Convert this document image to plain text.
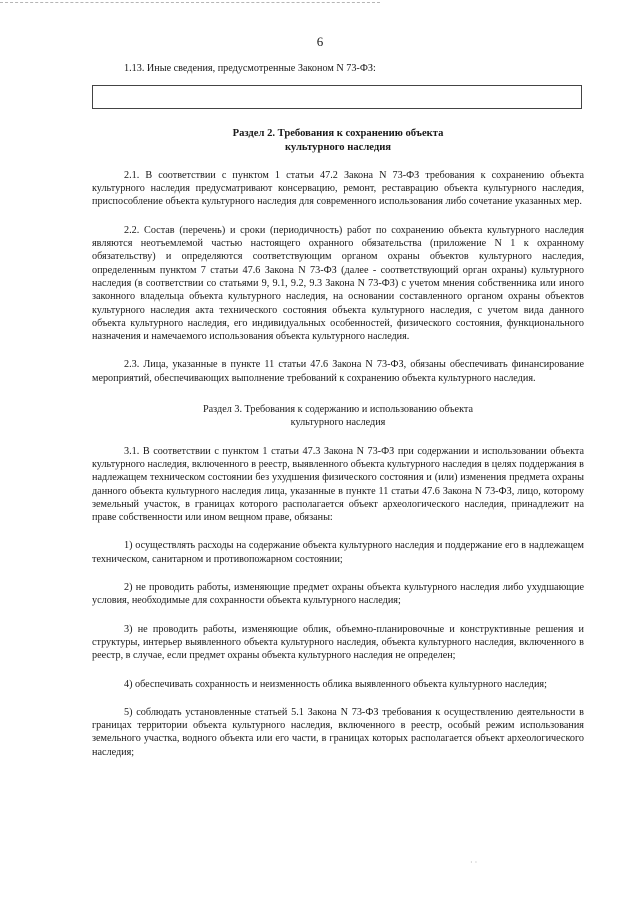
6

1.13. Иные сведения, предусмотренные Законом N 73-ФЗ:

Раздел 2. Требования к сохранению объекта
культурного наследия

2.1. В соответствии с пунктом 1 статьи 47.2 Закона N 73-ФЗ требования к сохранению объекта культурного наследия предусматривают консервацию, ремонт, реставрацию объекта культурного наследия, приспособление объекта культурного наследия для современного использования либо сочетание указанных мер.

2.2. Состав (перечень) и сроки (периодичность) работ по сохранению объекта культурного наследия являются неотъемлемой частью настоящего охранного обязательства (приложение N 1 к охранному обязательству) и определяются соответствующим органом охраны объектов культурного наследия, определенным пунктом 7 статьи 47.6 Закона N 73-ФЗ (далее - соответствующий орган охраны) культурного наследия (в соответствии со статьями 9, 9.1, 9.2, 9.3 Закона N 73-ФЗ) с учетом мнения собственника или иного законного владельца объекта культурного наследия, на основании составленного органом охраны объектов культурного наследия акта технического состояния объекта культурного наследия, с учетом вида данного объекта культурного наследия, его индивидуальных особенностей, физического состояния, функционального назначения и намечаемого использования объекта культурного наследия.

2.3. Лица, указанные в пункте 11 статьи 47.6 Закона N 73-ФЗ, обязаны обеспечивать финансирование мероприятий, обеспечивающих выполнение требований к сохранению объекта культурного наследия.

Раздел 3. Требования к содержанию и использованию объекта
культурного наследия

3.1. В соответствии с пунктом 1 статьи 47.3 Закона N 73-ФЗ при содержании и использовании объекта культурного наследия, включенного в реестр, выявленного объекта культурного наследия в целях поддержания в надлежащем техническом состоянии без ухудшения физического состояния и (или) изменения предмета охраны данного объекта культурного наследия лица, указанные в пункте 11 статьи 47.6 Закона N 73-ФЗ, лицо, которому земельный участок, в границах которого располагается объект археологического наследия, принадлежит на праве собственности или ином вещном праве, обязаны:

1) осуществлять расходы на содержание объекта культурного наследия и поддержание его в надлежащем техническом, санитарном и противопожарном состоянии;

2) не проводить работы, изменяющие предмет охраны объекта культурного наследия либо ухудшающие условия, необходимые для сохранности объекта культурного наследия;

3) не проводить работы, изменяющие облик, объемно-планировочные и конструктивные решения и структуры, интерьер выявленного объекта культурного наследия, объекта культурного наследия, включенного в реестр, в случае, если предмет охраны объекта культурного наследия не определен;

4) обеспечивать сохранность и неизменность облика выявленного объекта культурного наследия;

5) соблюдать установленные статьей 5.1 Закона N 73-ФЗ требования к осуществлению деятельности в границах территории объекта культурного наследия, включенного в реестр, особый режим использования земельного участка, водного объекта или его части, в границах которых располагается объект археологического наследия;

· ·
